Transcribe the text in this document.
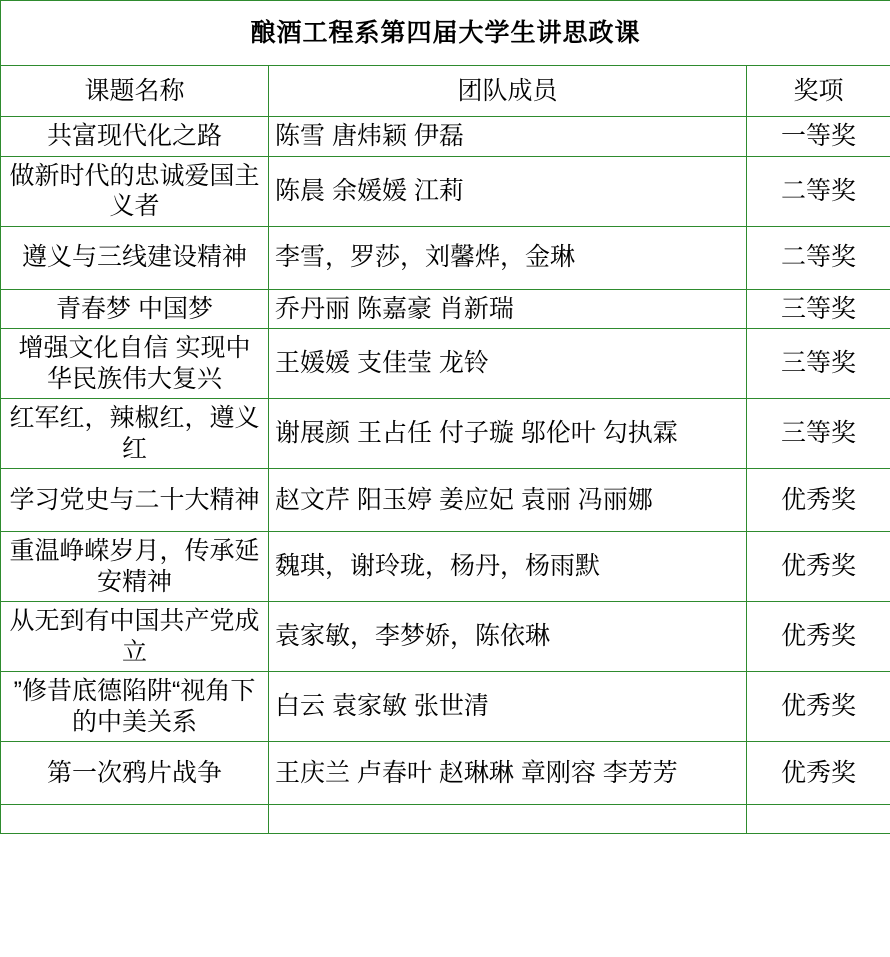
酿酒工程系第四届大学生讲思政课		
课题名称	团队成员	奖项
共富现代化之路	陈雪 唐炜颖 伊磊	一等奖
做新时代的忠诚爱国主义者	陈晨 余媛媛 江莉	二等奖
遵义与三线建设精神	李雪，罗莎，刘馨烨，金琳	二等奖
青春梦 中国梦	乔丹丽 陈嘉豪 肖新瑞	三等奖
增强文化自信 实现中华民族伟大复兴	王媛媛 支佳莹 龙铃	三等奖
红军红，辣椒红，遵义红	谢展颜 王占任 付子璇 邬伦叶 勾执霖	三等奖
学习党史与二十大精神	赵文芹 阳玉婷 姜应妃 袁丽 冯丽娜	优秀奖
重温峥嵘岁月，传承延安精神	魏琪，谢玲珑，杨丹，杨雨默	优秀奖
从无到有中国共产党成立	袁家敏，李梦娇，陈依琳	优秀奖
”修昔底德陷阱“视角下的中美关系	白云 袁家敏 张世清	优秀奖
第一次鸦片战争	王庆兰 卢春叶 赵琳琳 章刚容 李芳芳	优秀奖
